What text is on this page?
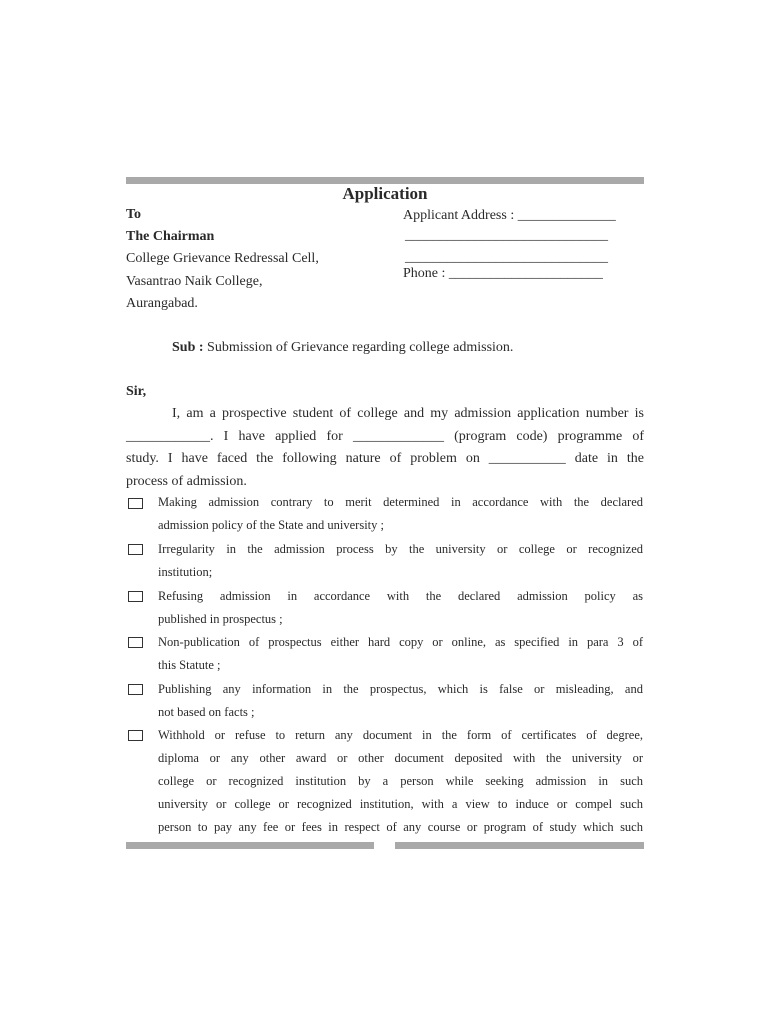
Application
To
The Chairman
College Grievance Redressal Cell,
Vasantrao Naik College,
Aurangabad.
Applicant Address : ______________
_____________________________
_____________________________
Phone : ______________________
Sub : Submission of Grievance regarding college admission.
Sir,
I, am a prospective student of college and my admission application number is
____________. I have applied for _____________ (program code) programme of
study. I have faced the following nature of problem on ___________ date in the
process of admission.
Making admission contrary to merit determined in accordance with the declared
admission policy of the State and university ;
Irregularity in the admission process by the university or college or recognized
institution;
Refusing admission in accordance with the declared admission policy as
published in prospectus ;
Non-publication of prospectus either hard copy or online, as specified in para 3 of
this Statute ;
Publishing any information in the prospectus, which is false or misleading, and
not based on facts ;
Withhold or refuse to return any document in the form of certificates of degree,
diploma or any other award or other document deposited with the university or
college or recognized institution by a person while seeking admission in such
university or college or recognized institution, with a view to induce or compel such
person to pay any fee or fees in respect of any course or program of study which such
